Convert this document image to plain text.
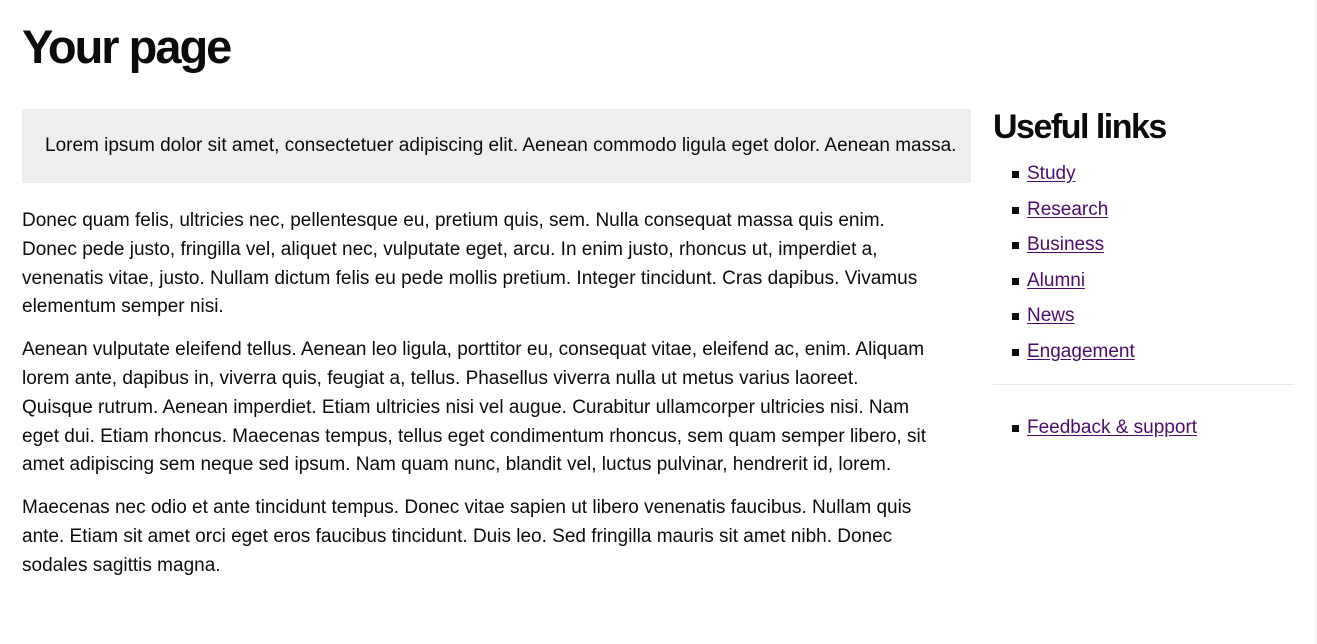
Your page
Lorem ipsum dolor sit amet, consectetuer adipiscing elit. Aenean commodo ligula eget dolor. Aenean massa.

Donec quam felis, ultricies nec, pellentesque eu, pretium quis, sem. Nulla consequat massa quis enim. Donec pede justo, fringilla vel, aliquet nec, vulputate eget, arcu. In enim justo, rhoncus ut, imperdiet a, venenatis vitae, justo. Nullam dictum felis eu pede mollis pretium. Integer tincidunt. Cras dapibus. Vivamus elementum semper nisi.

Aenean vulputate eleifend tellus. Aenean leo ligula, porttitor eu, consequat vitae, eleifend ac, enim. Aliquam lorem ante, dapibus in, viverra quis, feugiat a, tellus. Phasellus viverra nulla ut metus varius laoreet. Quisque rutrum. Aenean imperdiet. Etiam ultricies nisi vel augue. Curabitur ullamcorper ultricies nisi. Nam eget dui. Etiam rhoncus. Maecenas tempus, tellus eget condimentum rhoncus, sem quam semper libero, sit amet adipiscing sem neque sed ipsum. Nam quam nunc, blandit vel, luctus pulvinar, hendrerit id, lorem.

Maecenas nec odio et ante tincidunt tempus. Donec vitae sapien ut libero venenatis faucibus. Nullam quis ante. Etiam sit amet orci eget eros faucibus tincidunt. Duis leo. Sed fringilla mauris sit amet nibh. Donec sodales sagittis magna.

Useful links
Study
Research
Business
Alumni
News
Engagement
Feedback & support
